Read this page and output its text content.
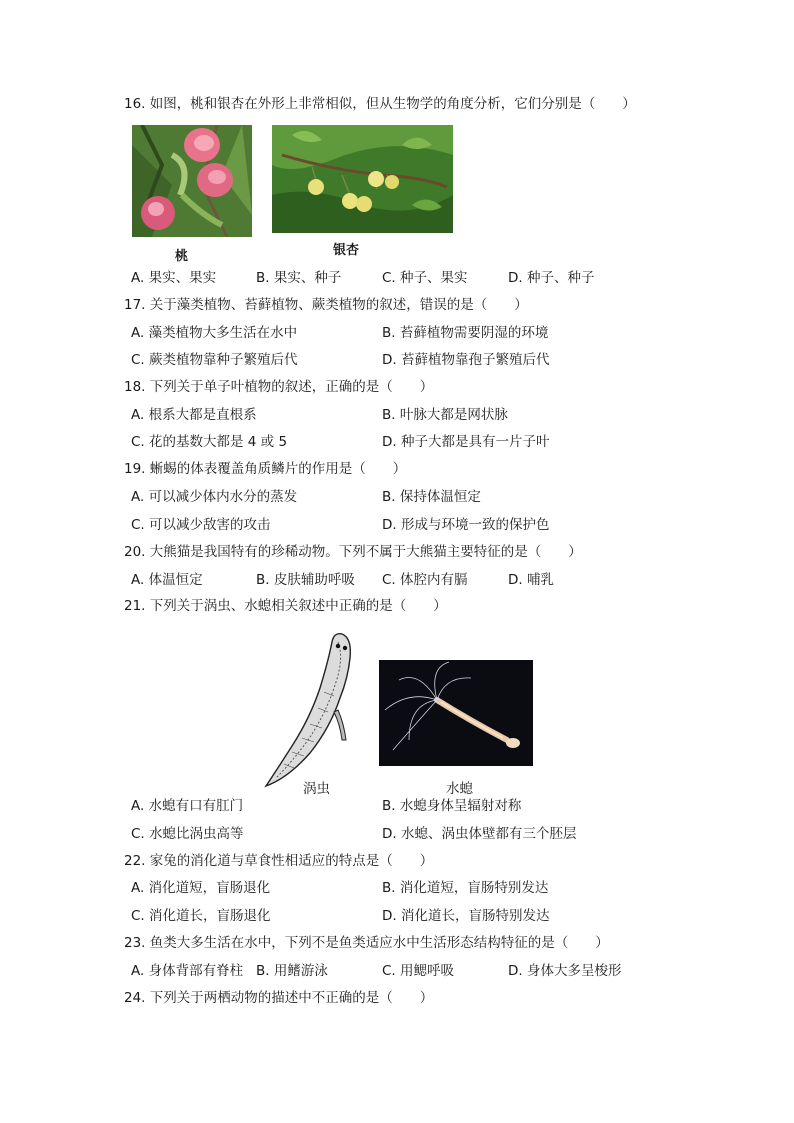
16. 如图，桃和银杏在外形上非常相似，但从生物学的角度分析，它们分别是（　　）
桃	银杏
A. 果实、果实	B. 果实、种子	C. 种子、果实	D. 种子、种子
17. 关于藻类植物、苔藓植物、蕨类植物的叙述，错误的是（　　）
A. 藻类植物大多生活在水中	B. 苔藓植物需要阴湿的环境
C. 蕨类植物靠种子繁殖后代	D. 苔藓植物靠孢子繁殖后代
18. 下列关于单子叶植物的叙述，正确的是（　　）
A. 根系大都是直根系	B. 叶脉大都是网状脉
C. 花的基数大都是 4 或 5	D. 种子大都是具有一片子叶
19. 蜥蜴的体表覆盖角质鳞片的作用是（　　）
A. 可以减少体内水分的蒸发	B. 保持体温恒定
C. 可以减少敌害的攻击	D. 形成与环境一致的保护色
20. 大熊猫是我国特有的珍稀动物。下列不属于大熊猫主要特征的是（　　）
A. 体温恒定	B. 皮肤辅助呼吸 C. 体腔内有膈	D. 哺乳
21. 下列关于涡虫、水螅相关叙述中正确的是（　　）
涡虫	水螅
A. 水螅有口有肛门	B. 水螅身体呈辐射对称
C. 水螅比涡虫高等	D. 水螅、涡虫体壁都有三个胚层
22. 家兔的消化道与草食性相适应的特点是（　　）
A. 消化道短，盲肠退化	B. 消化道短，盲肠特别发达
C. 消化道长，盲肠退化	D. 消化道长，盲肠特别发达
23. 鱼类大多生活在水中，下列不是鱼类适应水中生活形态结构特征的是（　　）
A. 身体背部有脊柱 B. 用鳍游泳	C. 用鳃呼吸	D. 身体大多呈梭形
24. 下列关于两栖动物的描述中不正确的是（　　）
